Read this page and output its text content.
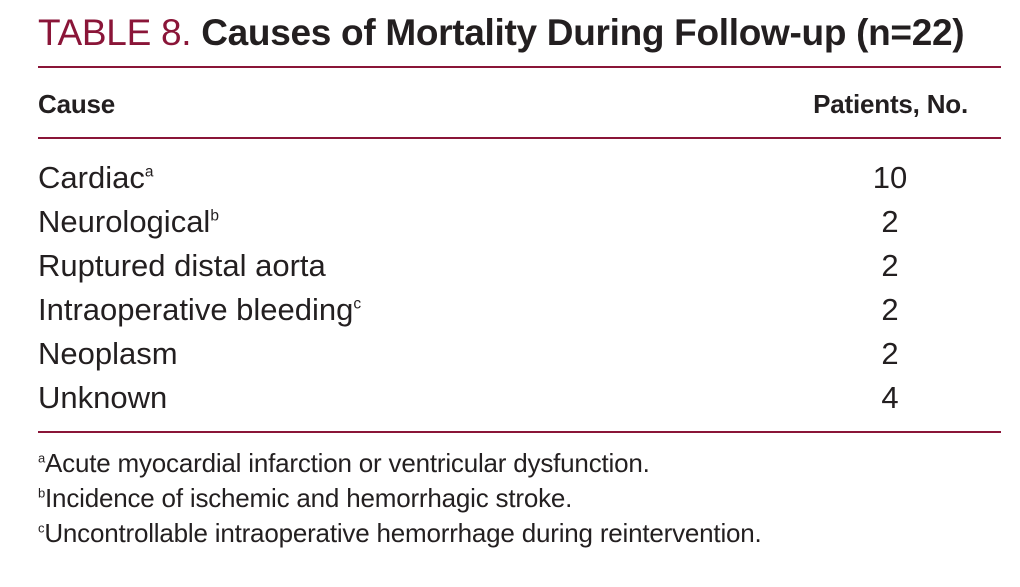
TABLE 8. Causes of Mortality During Follow-up (n=22)
Cause	Patients, No.
Cardiac$^a$	10
Neurological$^b$	2
Ruptured distal aorta	2
Intraoperative bleeding$^c$	2
Neoplasm	2
Unknown	4
$^a$Acute myocardial infarction or ventricular dysfunction.
$^b$Incidence of ischemic and hemorrhagic stroke.
$^c$Uncontrollable intraoperative hemorrhage during reintervention.
